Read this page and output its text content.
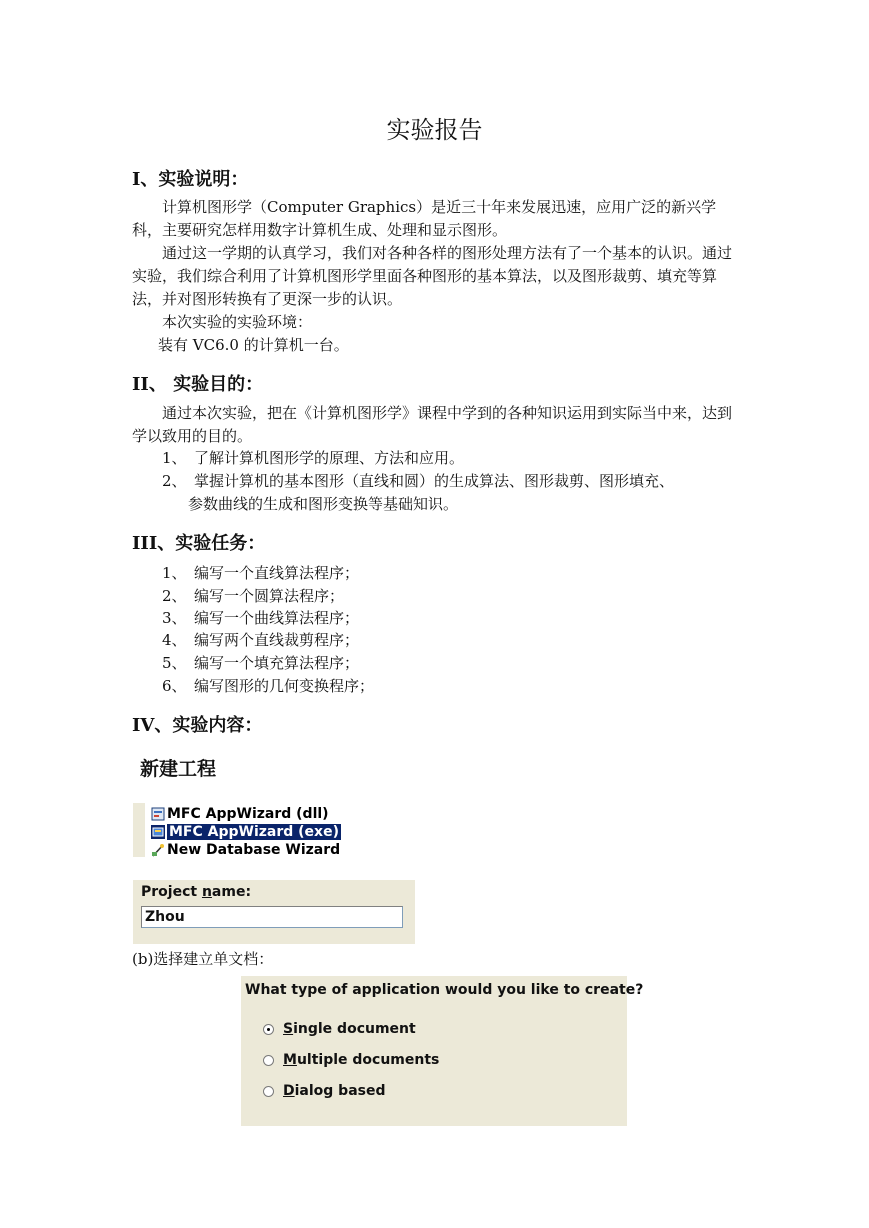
实验报告
I、实验说明：
计算机图形学（Computer Graphics）是近三十年来发展迅速，应用广泛的新兴学科，主要研究怎样用数字计算机生成、处理和显示图形。
通过这一学期的认真学习，我们对各种各样的图形处理方法有了一个基本的认识。通过实验，我们综合利用了计算机图形学里面各种图形的基本算法，以及图形裁剪、填充等算法，并对图形转换有了更深一步的认识。
本次实验的实验环境：
装有 VC6.0 的计算机一台。
II、 实验目的：
通过本次实验，把在《计算机图形学》课程中学到的各种知识运用到实际当中来，达到学以致用的目的。
1、 了解计算机图形学的原理、方法和应用。
2、 掌握计算机的基本图形（直线和圆）的生成算法、图形裁剪、图形填充、
参数曲线的生成和图形变换等基础知识。
III、实验任务：
1、 编写一个直线算法程序；
2、 编写一个圆算法程序；
3、 编写一个曲线算法程序；
4、 编写两个直线裁剪程序；
5、 编写一个填充算法程序；
6、 编写图形的几何变换程序；
IV、实验内容：
新建工程
MFC AppWizard (dll)
MFC AppWizard (exe)
New Database Wizard
Project name:
Zhou
(b)选择建立单文档：
What type of application would you like to create?
Single document
Multiple documents
Dialog based
